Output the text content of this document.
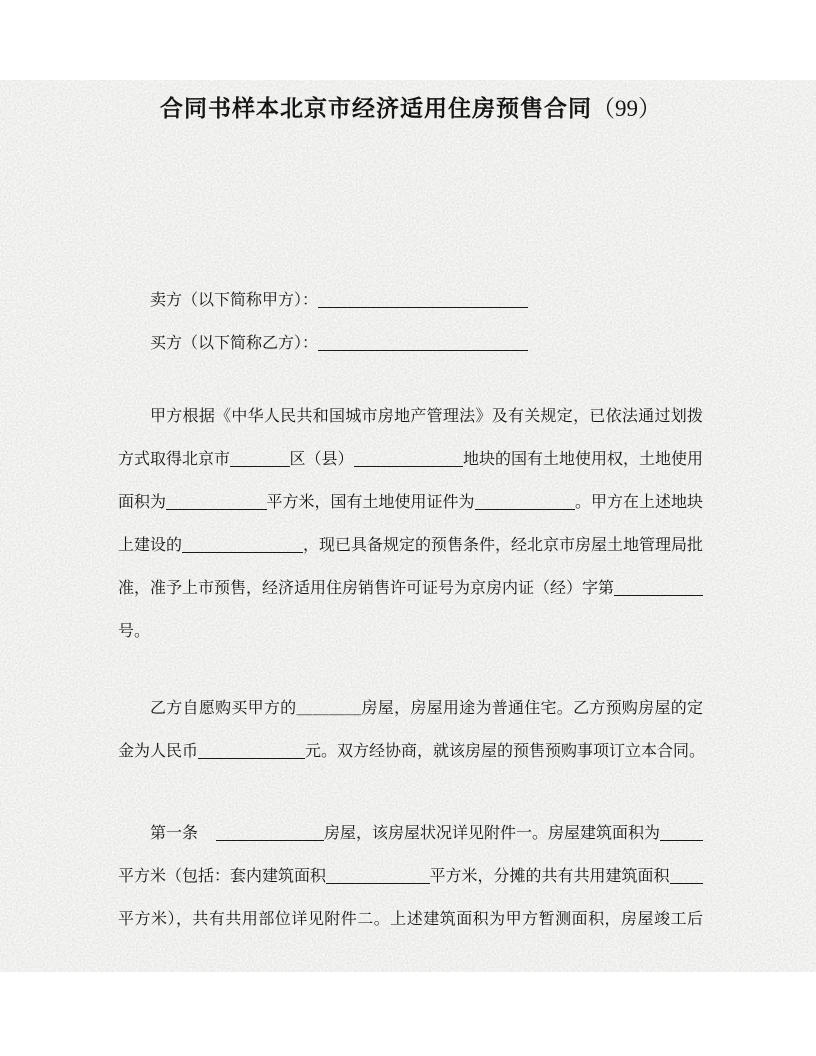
合同书样本北京市经济适用住房预售合同（99）
卖方（以下简称甲方）：
买方（以下简称乙方）：
甲方根据《中华人民共和国城市房地产管理法》及有关规定，已依法通过划拨
方式取得北京市	区（县）	地块的国有土地使用权，土地使用
面积为	平方米，国有土地使用证件为	。甲方在上述地块
上建设的	，现已具备规定的预售条件，经北京市房屋土地管理局批
准，准予上市预售，经济适用住房销售许可证号为京房内证（经）字第
号。
乙方自愿购买甲方的＿＿＿＿房屋，房屋用途为普通住宅。乙方预购房屋的定
金为人民币	元。双方经协商，就该房屋的预售预购事项订立本合同。
第一条	房屋，该房屋状况详见附件一。房屋建筑面积为
平方米（包括：套内建筑面积	平方米，分摊的共有共用建筑面积
平方米），共有共用部位详见附件二。上述建筑面积为甲方暂测面积，房屋竣工后
